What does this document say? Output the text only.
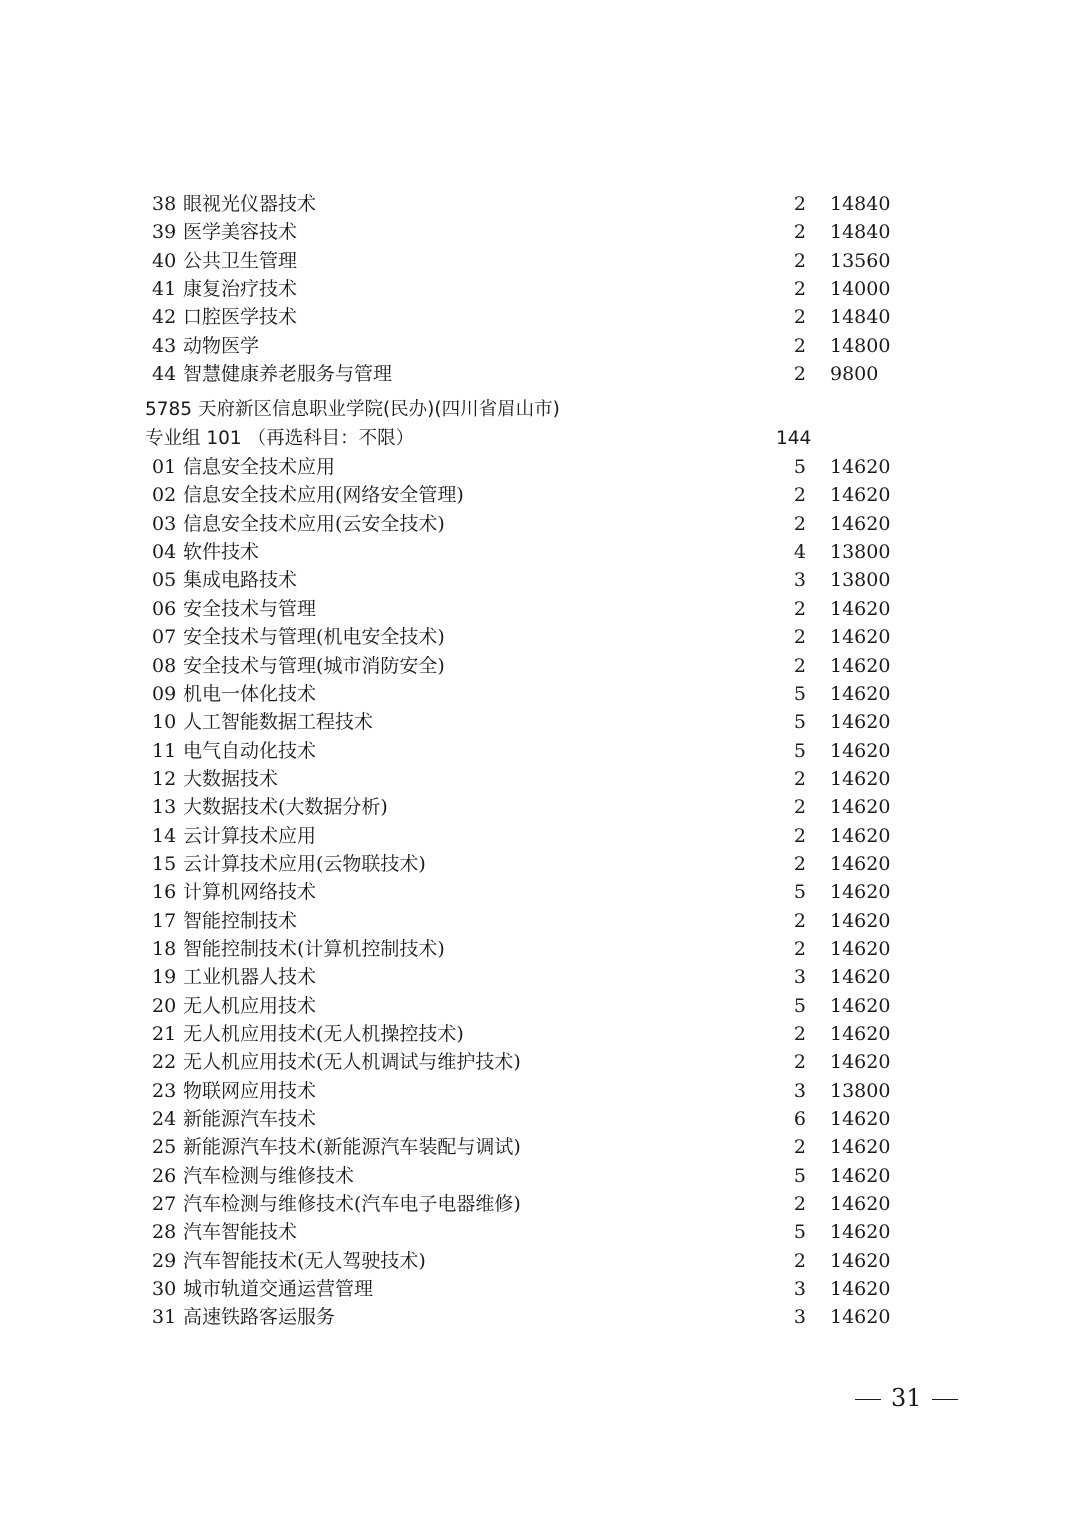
38 眼视光仪器技术	2 14840
39 医学美容技术	2 14840
40 公共卫生管理	2 13560
41 康复治疗技术	2 14000
42 口腔医学技术	2 14840
43 动物医学	2 14800
44 智慧健康养老服务与管理	2 9800
5785 天府新区信息职业学院(民办)(四川省眉山市)
专业组 101 （再选科目：不限）	144
01 信息安全技术应用	5 14620
02 信息安全技术应用(网络安全管理)	2 14620
03 信息安全技术应用(云安全技术)	2 14620
04 软件技术	4 13800
05 集成电路技术	3 13800
06 安全技术与管理	2 14620
07 安全技术与管理(机电安全技术)	2 14620
08 安全技术与管理(城市消防安全)	2 14620
09 机电一体化技术	5 14620
10 人工智能数据工程技术	5 14620
11 电气自动化技术	5 14620
12 大数据技术	2 14620
13 大数据技术(大数据分析)	2 14620
14 云计算技术应用	2 14620
15 云计算技术应用(云物联技术)	2 14620
16 计算机网络技术	5 14620
17 智能控制技术	2 14620
18 智能控制技术(计算机控制技术)	2 14620
19 工业机器人技术	3 14620
20 无人机应用技术	5 14620
21 无人机应用技术(无人机操控技术)	2 14620
22 无人机应用技术(无人机调试与维护技术)	2 14620
23 物联网应用技术	3 13800
24 新能源汽车技术	6 14620
25 新能源汽车技术(新能源汽车装配与调试)	2 14620
26 汽车检测与维修技术	5 14620
27 汽车检测与维修技术(汽车电子电器维修)	2 14620
28 汽车智能技术	5 14620
29 汽车智能技术(无人驾驶技术)	2 14620
30 城市轨道交通运营管理	3 14620
31 高速铁路客运服务	3 14620
31
